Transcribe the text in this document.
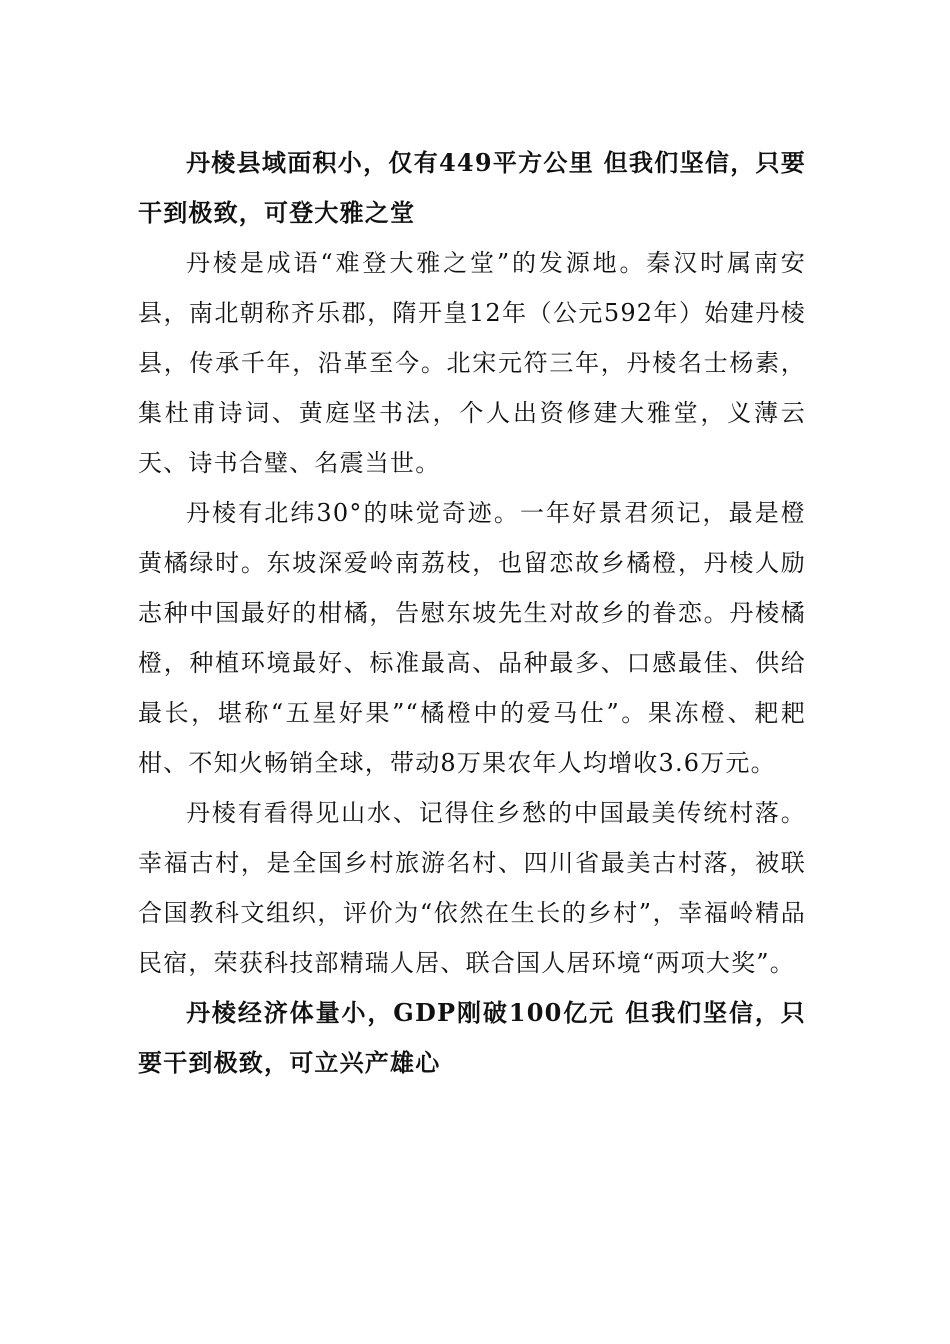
丹棱县域面积小，仅有449平方公里 但我们坚信，只要干到极致，可登大雅之堂

丹棱是成语“难登大雅之堂”的发源地。秦汉时属南安县，南北朝称齐乐郡，隋开皇12年（公元592年）始建丹棱县，传承千年，沿革至今。北宋元符三年，丹棱名士杨素，集杜甫诗词、黄庭坚书法，个人出资修建大雅堂，义薄云天、诗书合璧、名震当世。

丹棱有北纬30°的味觉奇迹。一年好景君须记，最是橙黄橘绿时。东坡深爱岭南荔枝，也留恋故乡橘橙，丹棱人励志种中国最好的柑橘，告慰东坡先生对故乡的眷恋。丹棱橘橙，种植环境最好、标准最高、品种最多、口感最佳、供给最长，堪称“五星好果”“橘橙中的爱马仕”。果冻橙、耙耙柑、不知火畅销全球，带动8万果农年人均增收3.6万元。

丹棱有看得见山水、记得住乡愁的中国最美传统村落。幸福古村，是全国乡村旅游名村、四川省最美古村落，被联合国教科文组织，评价为“依然在生长的乡村”，幸福岭精品民宿，荣获科技部精瑞人居、联合国人居环境“两项大奖”。

丹棱经济体量小，GDP刚破100亿元 但我们坚信，只要干到极致，可立兴产雄心
